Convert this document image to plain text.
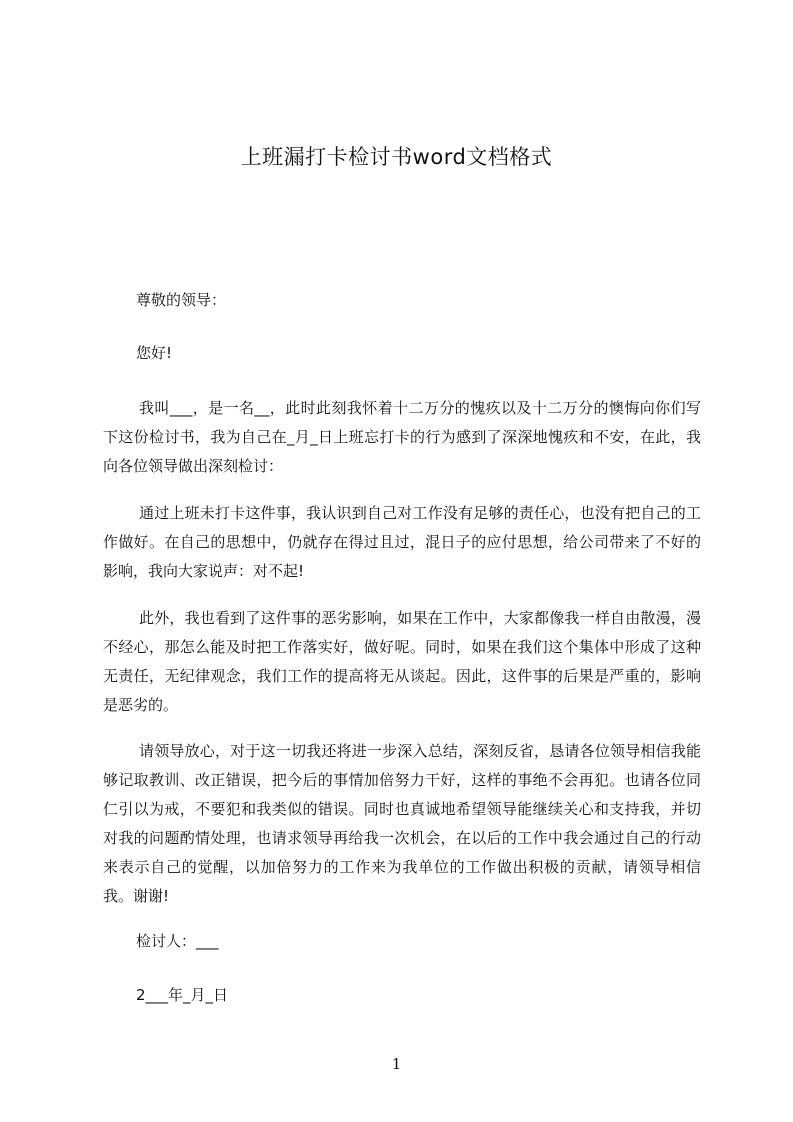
上班漏打卡检讨书word文档格式

尊敬的领导：

您好!

我叫___，是一名__，此时此刻我怀着十二万分的愧疚以及十二万分的懊悔向你们写下这份检讨书，我为自己在_月_日上班忘打卡的行为感到了深深地愧疚和不安，在此，我向各位领导做出深刻检讨：

通过上班未打卡这件事，我认识到自己对工作没有足够的责任心，也没有把自己的工作做好。在自己的思想中，仍就存在得过且过，混日子的应付思想，给公司带来了不好的影响，我向大家说声：对不起!

此外，我也看到了这件事的恶劣影响，如果在工作中，大家都像我一样自由散漫，漫不经心，那怎么能及时把工作落实好，做好呢。同时，如果在我们这个集体中形成了这种无责任，无纪律观念，我们工作的提高将无从谈起。因此，这件事的后果是严重的，影响是恶劣的。

请领导放心，对于这一切我还将进一步深入总结，深刻反省，恳请各位领导相信我能够记取教训、改正错误，把今后的事情加倍努力干好，这样的事绝不会再犯。也请各位同仁引以为戒，不要犯和我类似的错误。同时也真诚地希望领导能继续关心和支持我，并切对我的问题酌情处理，也请求领导再给我一次机会，在以后的工作中我会通过自己的行动来表示自己的觉醒，以加倍努力的工作来为我单位的工作做出积极的贡献，请领导相信我。谢谢!

检讨人：___

2___年_月_日

1
